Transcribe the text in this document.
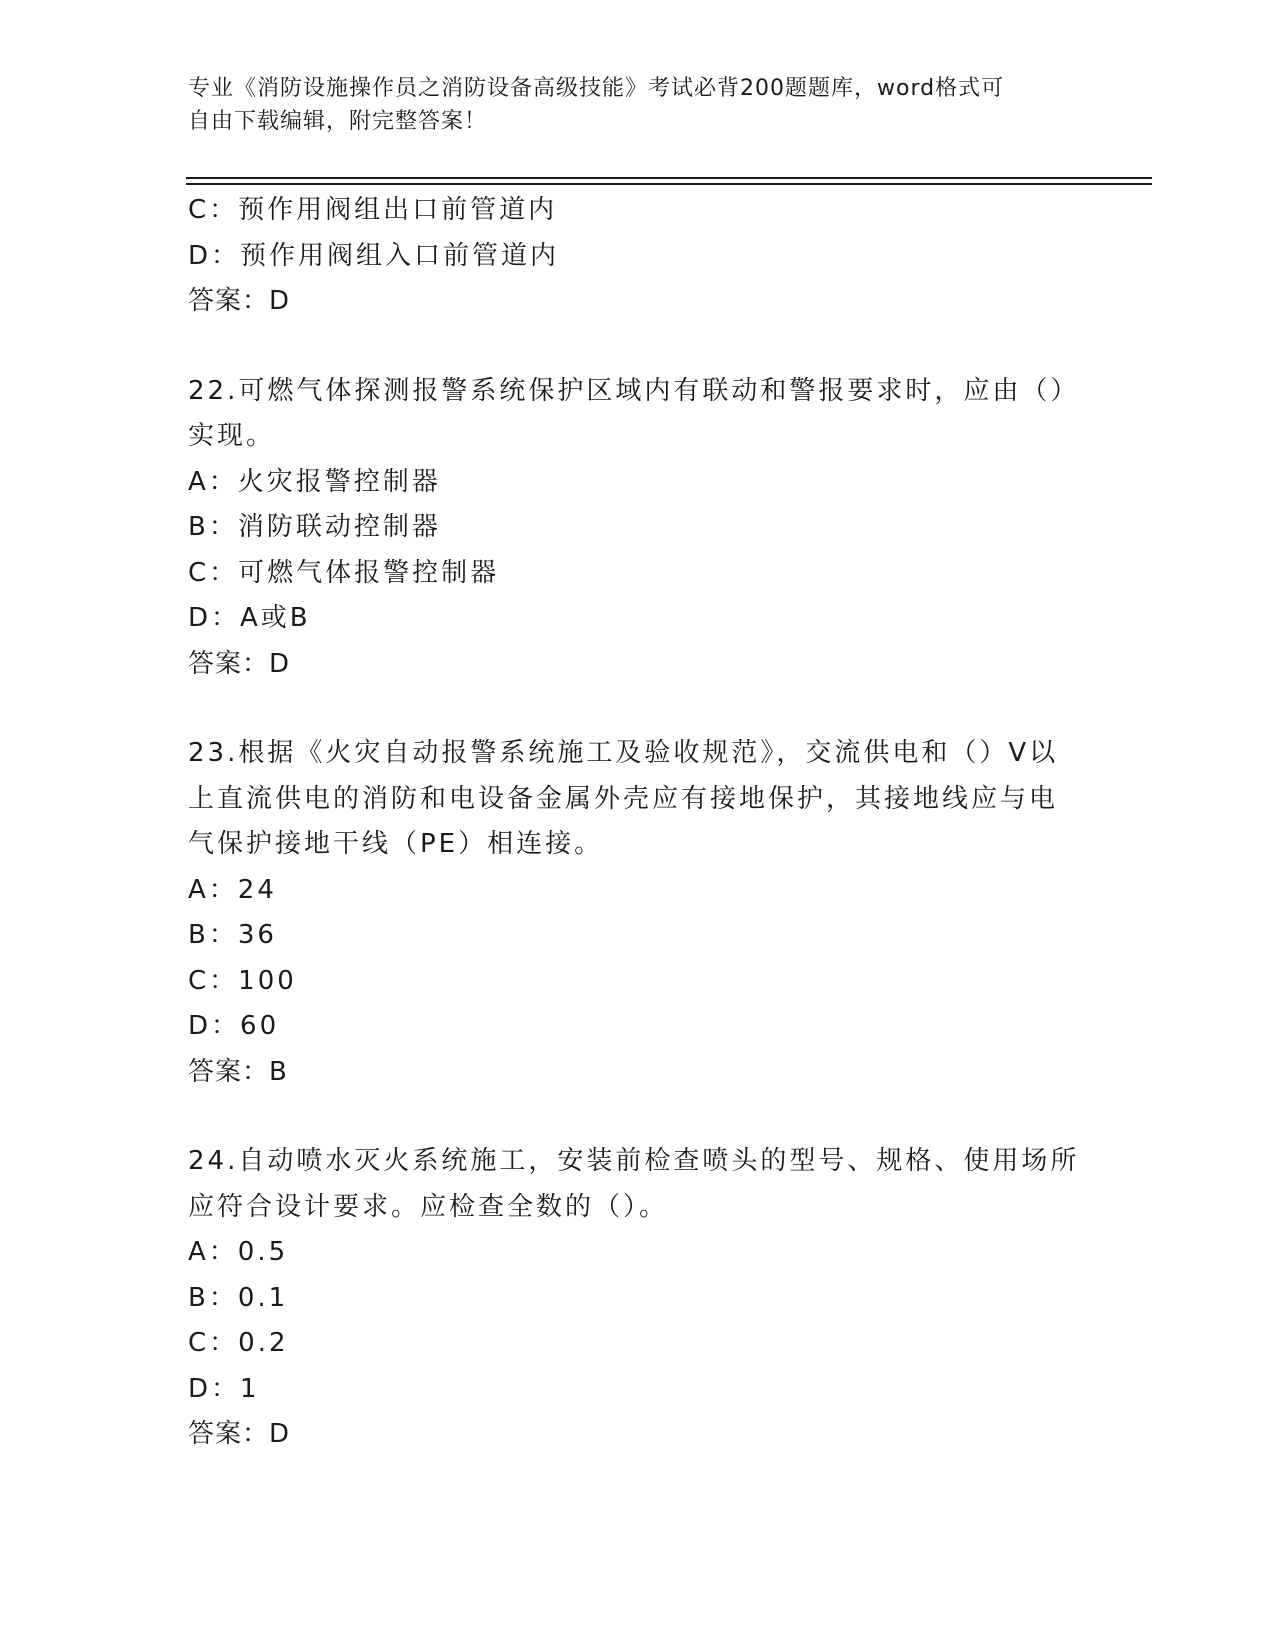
专业《消防设施操作员之消防设备高级技能》考试必背200题题库，word格式可
自由下载编辑，附完整答案！
C：预作用阀组出口前管道内
D：预作用阀组入口前管道内
答案：D
22.可燃气体探测报警系统保护区域内有联动和警报要求时，应由（）
实现。
A：火灾报警控制器
B：消防联动控制器
C：可燃气体报警控制器
D：A或B
答案：D
23.根据《火灾自动报警系统施工及验收规范》，交流供电和（）V以
上直流供电的消防和电设备金属外壳应有接地保护，其接地线应与电
气保护接地干线（PE）相连接。
A：24
B：36
C：100
D：60
答案：B
24.自动喷水灭火系统施工，安装前检查喷头的型号、规格、使用场所
应符合设计要求。应检查全数的（）。
A：0.5
B：0.1
C：0.2
D：1
答案：D
